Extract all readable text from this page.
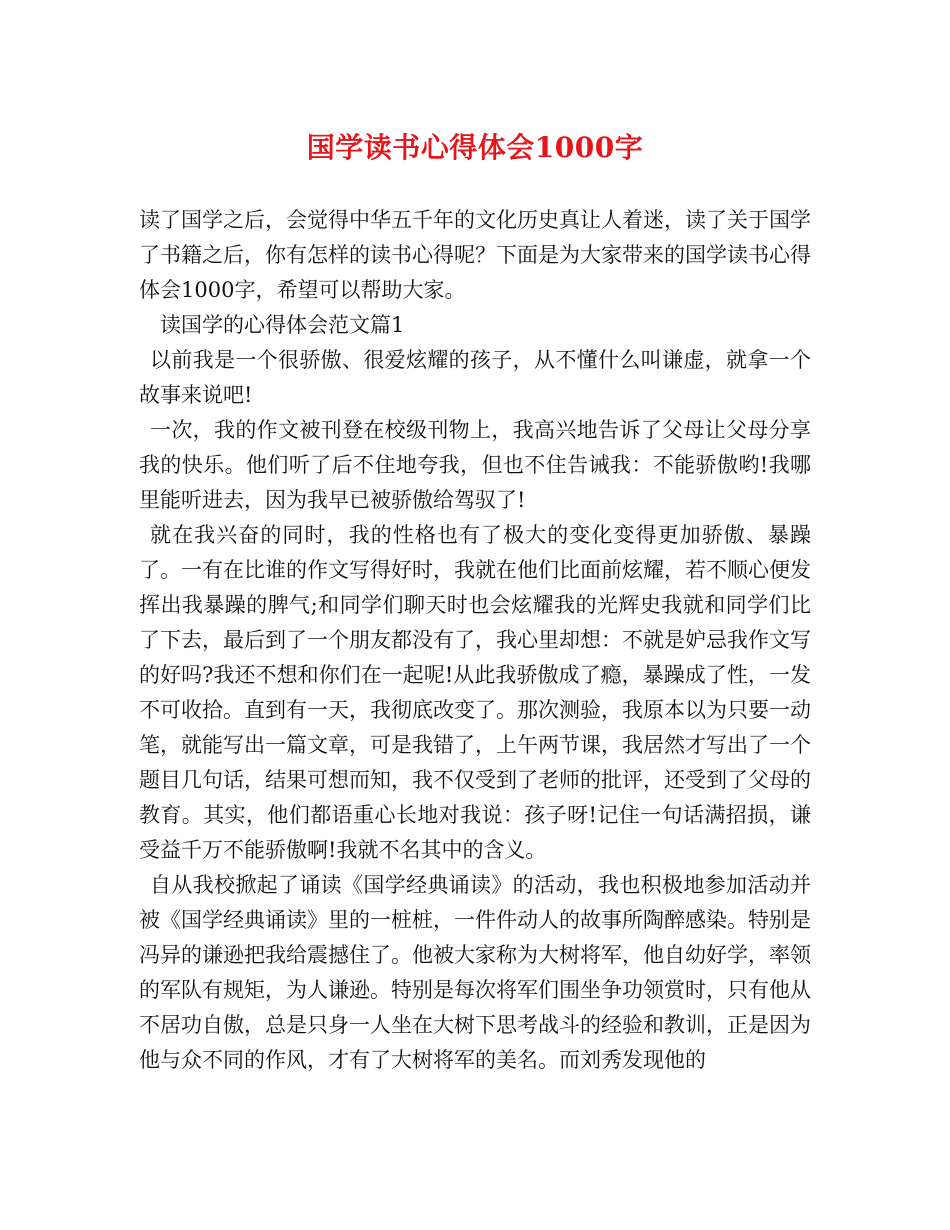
国学读书心得体会1000字

读了国学之后，会觉得中华五千年的文化历史真让人着迷，读了关于国学了书籍之后，你有怎样的读书心得呢？下面是为大家带来的国学读书心得体会1000字，希望可以帮助大家。

读国学的心得体会范文篇1

以前我是一个很骄傲、很爱炫耀的孩子，从不懂什么叫谦虚，就拿一个故事来说吧!

一次，我的作文被刊登在校级刊物上，我高兴地告诉了父母让父母分享我的快乐。他们听了后不住地夸我，但也不住告诫我：不能骄傲哟!我哪里能听进去，因为我早已被骄傲给驾驭了!

就在我兴奋的同时，我的性格也有了极大的变化变得更加骄傲、暴躁了。一有在比谁的作文写得好时，我就在他们比面前炫耀，若不顺心便发挥出我暴躁的脾气;和同学们聊天时也会炫耀我的光辉史我就和同学们比了下去，最后到了一个朋友都没有了，我心里却想：不就是妒忌我作文写的好吗?我还不想和你们在一起呢!从此我骄傲成了瘾，暴躁成了性，一发不可收拾。直到有一天，我彻底改变了。那次测验，我原本以为只要一动笔，就能写出一篇文章，可是我错了，上午两节课，我居然才写出了一个题目几句话，结果可想而知，我不仅受到了老师的批评，还受到了父母的教育。其实，他们都语重心长地对我说：孩子呀!记住一句话满招损，谦受益千万不能骄傲啊!我就不名其中的含义。

自从我校掀起了诵读《国学经典诵读》的活动，我也积极地参加活动并被《国学经典诵读》里的一桩桩，一件件动人的故事所陶醉感染。特别是冯异的谦逊把我给震撼住了。他被大家称为大树将军，他自幼好学，率领的军队有规矩，为人谦逊。特别是每次将军们围坐争功领赏时，只有他从不居功自傲，总是只身一人坐在大树下思考战斗的经验和教训，正是因为他与众不同的作风，才有了大树将军的美名。而刘秀发现他的
